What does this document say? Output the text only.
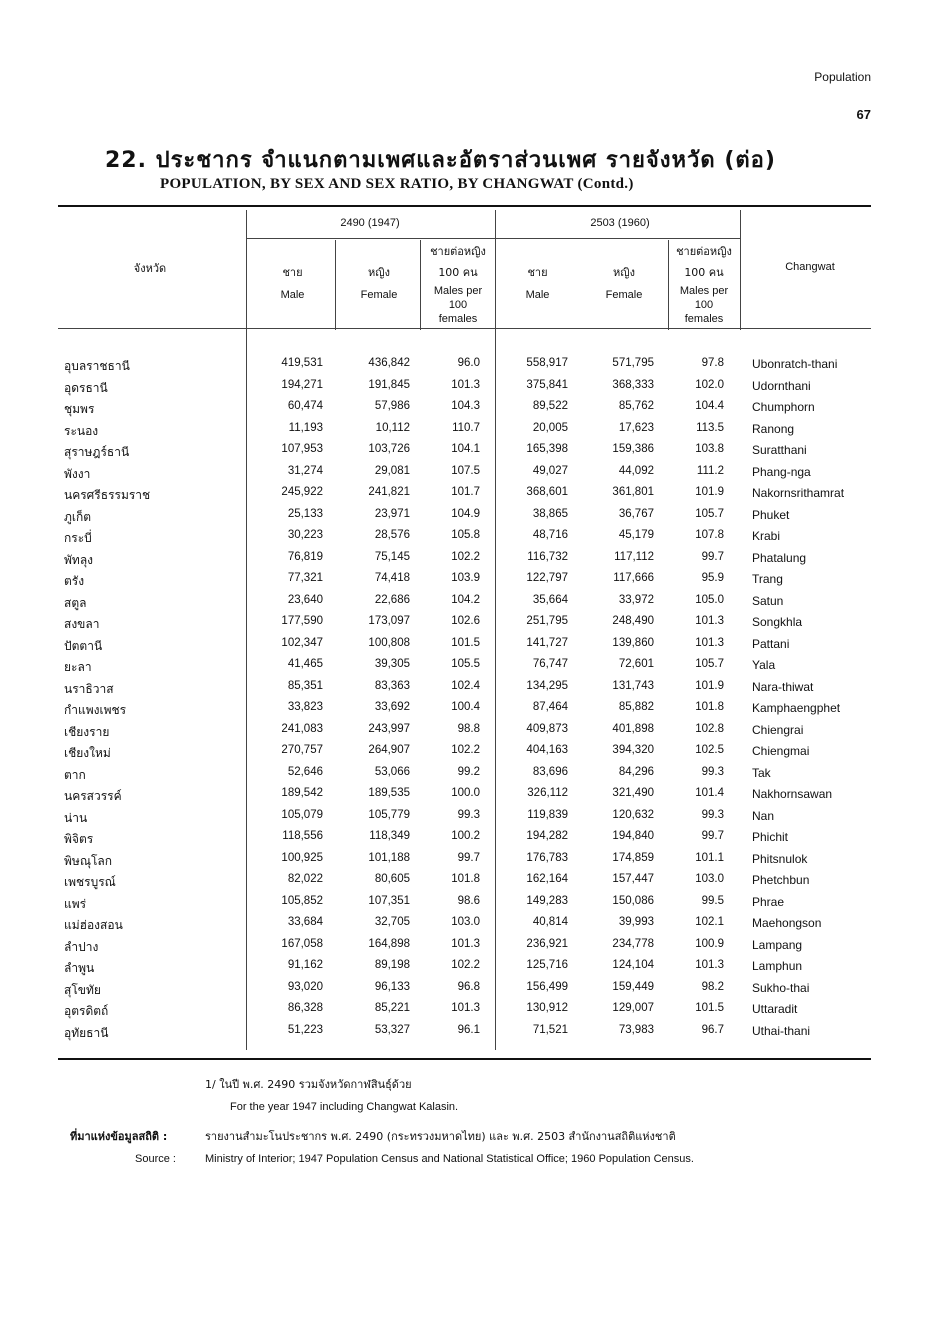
Population
67
22. ประชากร จำแนกตามเพศและอัตราส่วนเพศ รายจังหวัด (ต่อ)
POPULATION, BY SEX AND SEX RATIO, BY CHANGWAT (Contd.)
จังหวัด
2490 (1947)	2503 (1960)
ชาย
Male
หญิง
Female
ชายต่อหญิง
100 คน
Males per
100
females
ชาย
Male
หญิง
Female
ชายต่อหญิง
100 คน
Males per
100
females
Changwat
อุบลราชธานี	419,531	436,842	96.0	558,917	571,795	97.8 Ubonratch-thani
อุดรธานี	194,271	191,845	101.3	375,841	368,333	102.0 Udornthani
ชุมพร	60,474	57,986	104.3	89,522	85,762	104.4 Chumphorn
ระนอง	11,193	10,112	110.7	20,005	17,623	113.5 Ranong
สุราษฎร์ธานี	107,953	103,726	104.1	165,398	159,386	103.8 Suratthani
พังงา	31,274	29,081	107.5	49,027	44,092	111.2 Phang-nga
นครศรีธรรมราช	245,922	241,821	101.7	368,601	361,801	101.9 Nakornsrithamrat
ภูเก็ต	25,133	23,971	104.9	38,865	36,767	105.7 Phuket
กระบี่	30,223	28,576	105.8	48,716	45,179	107.8 Krabi
พัทลุง	76,819	75,145	102.2	116,732	117,112	99.7 Phatalung
ตรัง	77,321	74,418	103.9	122,797	117,666	95.9 Trang
สตูล	23,640	22,686	104.2	35,664	33,972	105.0 Satun
สงขลา	177,590	173,097	102.6	251,795	248,490	101.3 Songkhla
ปัตตานี	102,347	100,808	101.5	141,727	139,860	101.3 Pattani
ยะลา	41,465	39,305	105.5	76,747	72,601	105.7 Yala
นราธิวาส	85,351	83,363	102.4	134,295	131,743	101.9 Nara-thiwat
กำแพงเพชร	33,823	33,692	100.4	87,464	85,882	101.8 Kamphaengphet
เชียงราย	241,083	243,997	98.8	409,873	401,898	102.8 Chiengrai
เชียงใหม่	270,757	264,907	102.2	404,163	394,320	102.5 Chiengmai
ตาก	52,646	53,066	99.2	83,696	84,296	99.3 Tak
นครสวรรค์	189,542	189,535	100.0	326,112	321,490	101.4 Nakhornsawan
น่าน	105,079	105,779	99.3	119,839	120,632	99.3 Nan
พิจิตร	118,556	118,349	100.2	194,282	194,840	99.7 Phichit
พิษณุโลก	100,925	101,188	99.7	176,783	174,859	101.1 Phitsnulok
เพชรบูรณ์	82,022	80,605	101.8	162,164	157,447	103.0 Phetchbun
แพร่	105,852	107,351	98.6	149,283	150,086	99.5 Phrae
แม่ฮ่องสอน	33,684	32,705	103.0	40,814	39,993	102.1 Maehongson
ลำปาง	167,058	164,898	101.3	236,921	234,778	100.9 Lampang
ลำพูน	91,162	89,198	102.2	125,716	124,104	101.3 Lamphun
สุโขทัย	93,020	96,133	96.8	156,499	159,449	98.2 Sukho-thai
อุตรดิตถ์	86,328	85,221	101.3	130,912	129,007	101.5 Uttaradit
อุทัยธานี	51,223	53,327	96.1	71,521	73,983	96.7 Uthai-thani
1/ ในปี พ.ศ. 2490 รวมจังหวัดกาฬสินธุ์ด้วย
For the year 1947 including Changwat Kalasin.
ที่มาแห่งข้อมูลสถิติ :	รายงานสำมะโนประชากร พ.ศ. 2490 (กระทรวงมหาดไทย) และ พ.ศ. 2503 สำนักงานสถิติแห่งชาติ
Source :	Ministry of Interior; 1947 Population Census and National Statistical Office; 1960 Population Census.
